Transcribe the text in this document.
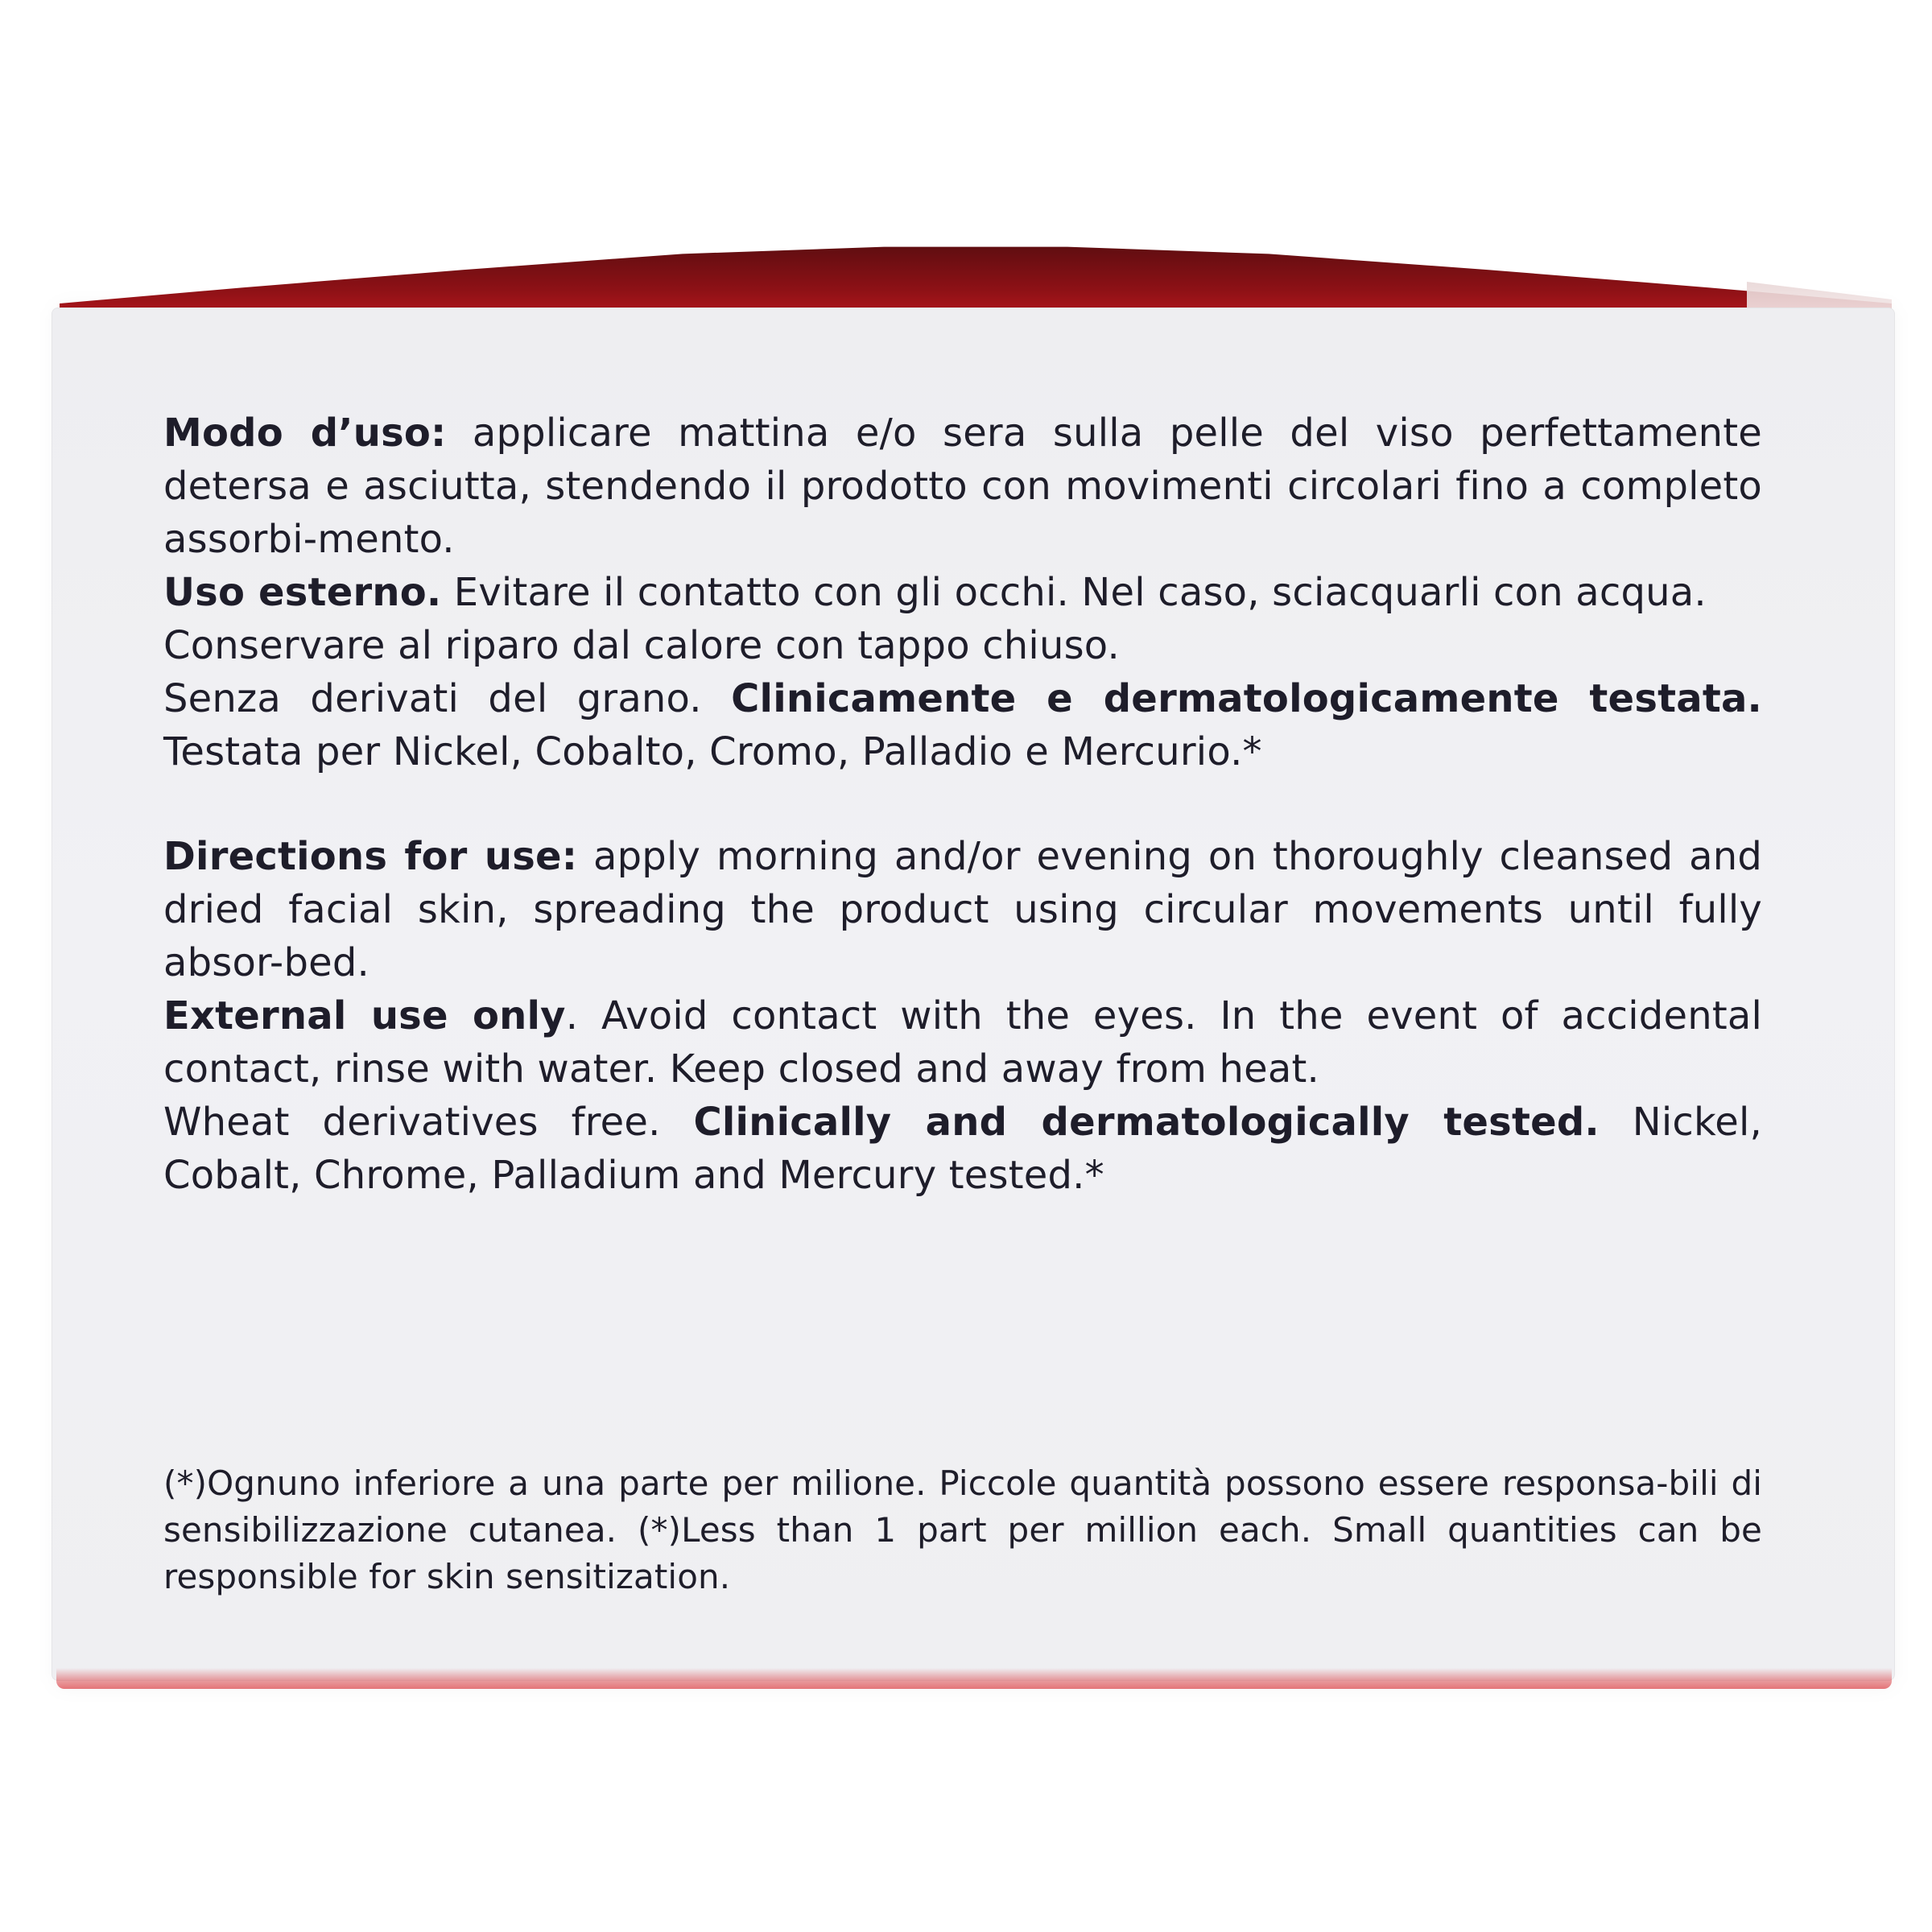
Modo d’uso: applicare mattina e/o sera sulla pelle del viso perfettamente detersa e asciutta, stendendo il prodotto con movimenti circolari fino a completo assorbi-mento.

Uso esterno. Evitare il contatto con gli occhi. Nel caso, sciacquarli con acqua.

Conservare al riparo dal calore con tappo chiuso.

Senza derivati del grano. Clinicamente e dermatologicamente testata. Testata per Nickel, Cobalto, Cromo, Palladio e Mercurio.*

Directions for use: apply morning and/or evening on thoroughly cleansed and dried facial skin, spreading the product using circular movements until fully absor-bed.

External use only. Avoid contact with the eyes. In the event of accidental contact, rinse with water. Keep closed and away from heat.

Wheat derivatives free. Clinically and dermatologically tested. Nickel, Cobalt, Chrome, Palladium and Mercury tested.*

(*)Ognuno inferiore a una parte per milione. Piccole quantità possono essere responsa-bili di sensibilizzazione cutanea. (*)Less than 1 part per million each. Small quantities can be responsible for skin sensitization.
